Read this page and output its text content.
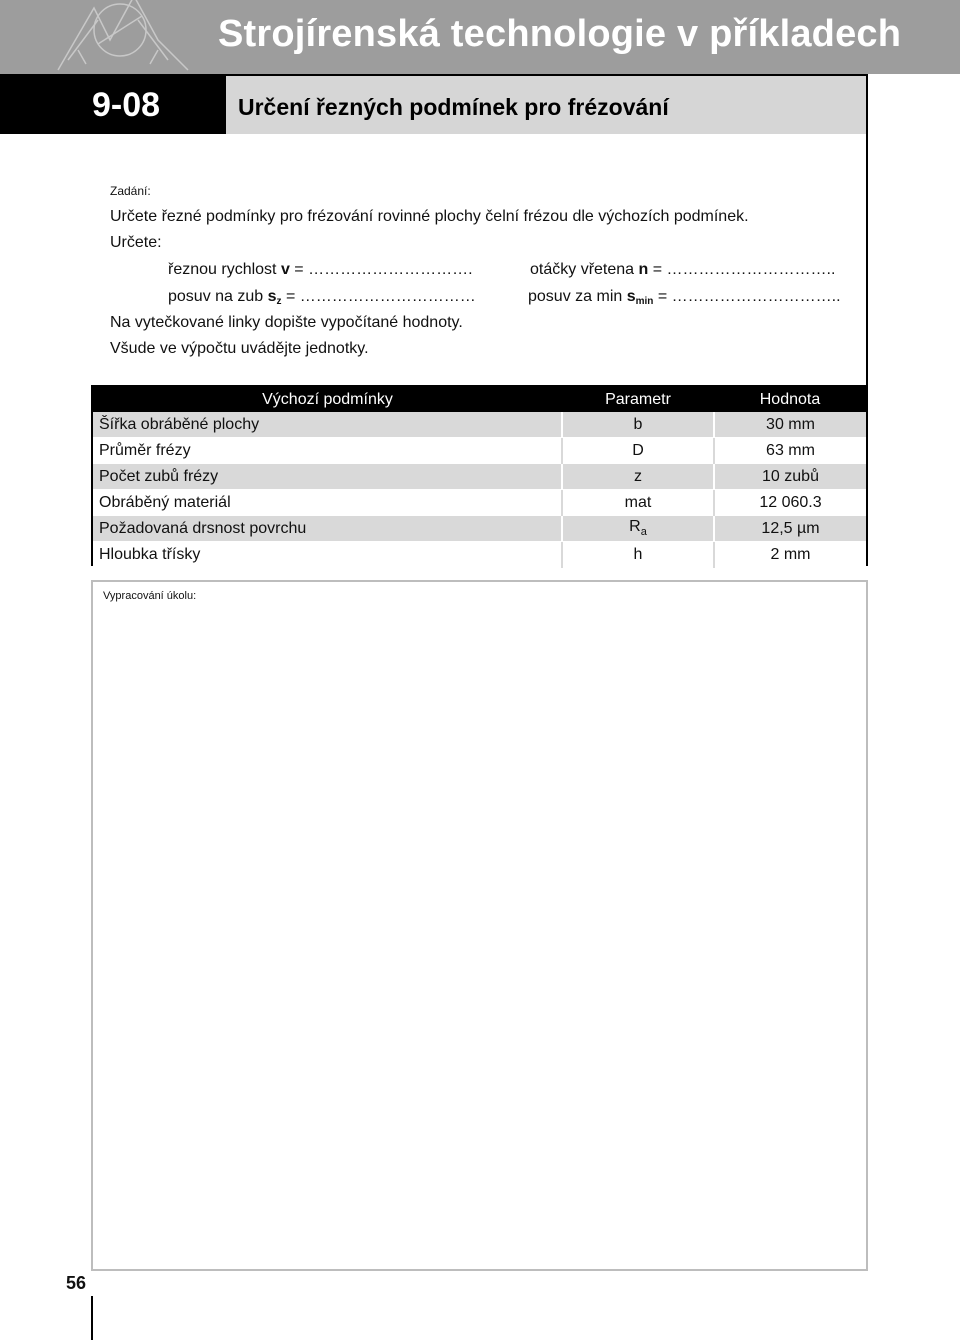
Strojírenská technologie v příkladech
9-08	Určení řezných podmínek pro frézování
Zadání:
Určete řezné podmínky pro frézování rovinné plochy čelní frézou dle výchozích podmínek.
Určete:
řeznou rychlost v = ………………………….	otáčky vřetena n = …………………………..
posuv na zub $s_z$ = ……………………………	posuv za $\min s_{min}$ = …………………………..
Na vytečkované linky dopište vypočítané hodnoty.
Všude ve výpočtu uvádějte jednotky.
Výchozí podmínky	Parametr	Hodnota
Šířka obráběné plochy	b	30 mm
Průměr frézy	D	63 mm
Počet zubů frézy	z	10 zubů
Obráběný materiál	mat	12 060.3
Požadovaná drsnost povrchu	$R_a$	12,5 µm
Hloubka třísky	h	2 mm
Vypracování úkolu:
56
